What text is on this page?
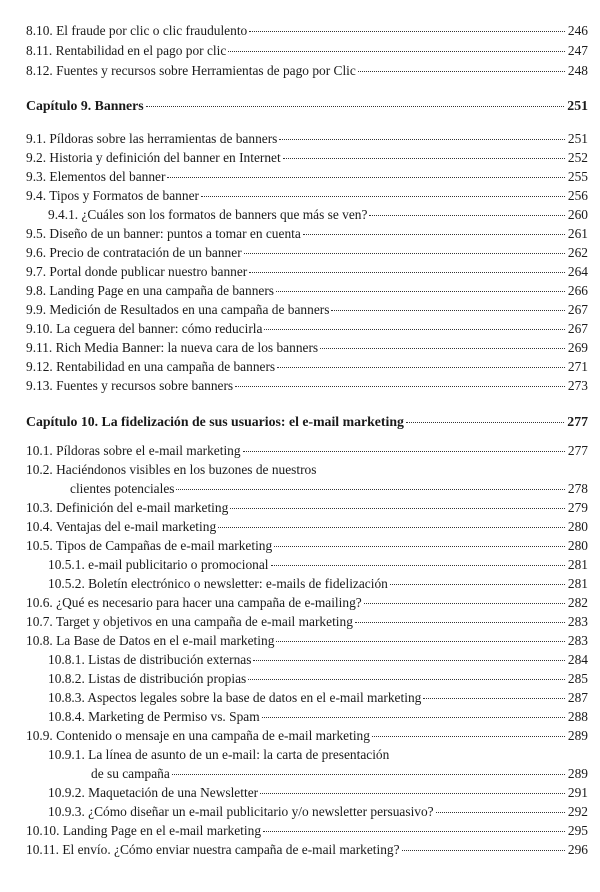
8.10. El fraude por clic o clic fraudulento	246
8.11. Rentabilidad en el pago por clic	247
8.12. Fuentes y recursos sobre Herramientas de pago por Clic	248
Capítulo 9. Banners	251
9.1. Píldoras sobre las herramientas de banners	251
9.2. Historia y definición del banner en Internet	252
9.3. Elementos del banner	255
9.4. Tipos y Formatos de banner	256
9.4.1. ¿Cuáles son los formatos de banners que más se ven?	260
9.5. Diseño de un banner: puntos a tomar en cuenta	261
9.6. Precio de contratación de un banner	262
9.7. Portal donde publicar nuestro banner	264
9.8. Landing Page en una campaña de banners	266
9.9. Medición de Resultados en una campaña de banners	267
9.10. La ceguera del banner: cómo reducirla	267
9.11. Rich Media Banner: la nueva cara de los banners	269
9.12. Rentabilidad en una campaña de banners	271
9.13. Fuentes y recursos sobre banners	273
Capítulo 10. La fidelización de sus usuarios: el e-mail marketing	277
10.1. Píldoras sobre el e-mail marketing	277
10.2. Haciéndonos visibles en los buzones de nuestros
clientes potenciales	278
10.3. Definición del e-mail marketing	279
10.4. Ventajas del e-mail marketing	280
10.5. Tipos de Campañas de e-mail marketing	280
10.5.1. e-mail publicitario o promocional	281
10.5.2. Boletín electrónico o newsletter: e-mails de fidelización	281
10.6. ¿Qué es necesario para hacer una campaña de e-mailing?	282
10.7. Target y objetivos en una campaña de e-mail marketing	283
10.8. La Base de Datos en el e-mail marketing	283
10.8.1. Listas de distribución externas	284
10.8.2. Listas de distribución propias	285
10.8.3. Aspectos legales sobre la base de datos en el e-mail marketing	287
10.8.4. Marketing de Permiso vs. Spam	288
10.9. Contenido o mensaje en una campaña de e-mail marketing	289
10.9.1. La línea de asunto de un e-mail: la carta de presentación
de su campaña	289
10.9.2. Maquetación de una Newsletter	291
10.9.3. ¿Cómo diseñar un e-mail publicitario y/o newsletter persuasivo?	292
10.10. Landing Page en el e-mail marketing	295
10.11. El envío. ¿Cómo enviar nuestra campaña de e-mail marketing?	296
